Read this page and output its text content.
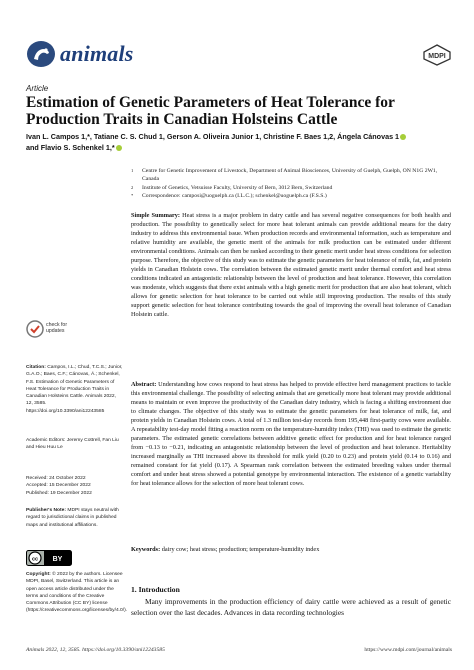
animals	MDPI
Article
Estimation of Genetic Parameters of Heat Tolerance for Production Traits in Canadian Holsteins Cattle
Ivan L. Campos 1,*, Tatiane C. S. Chud 1, Gerson A. Oliveira Junior 1, Christine F. Baes 1,2, Ángela Cánovas 1
and Flavio S. Schenkel 1,*
1	Centre for Genetic Improvement of Livestock, Department of Animal Biosciences, University of Guelph, Guelph, ON N1G 2W1, Canada
2	Institute of Genetics, Vetsuisse Faculty, University of Bern, 3012 Bern, Switzerland
*	Correspondence: camposi@uoguelph.ca (I.L.C.); schenkel@uoguelph.ca (F.S.S.)
Simple Summary: Heat stress is a major problem in dairy cattle and has several negative consequences for both health and production. The possibility to genetically select for more heat tolerant animals can provide additional means for the dairy industry to address this environmental issue. When production records and environmental information, such as temperature and relative humidity are available, the genetic merit of the animals for milk production can be estimated under different environmental conditions. Animals can then be ranked according to their genetic merit under heat stress conditions for selection purpose. Therefore, the objective of this study was to estimate the genetic parameters for heat tolerance of milk, fat, and protein yields in Canadian Holstein cows. The correlation between the estimated genetic merit under thermal comfort and heat stress conditions indicated an antagonistic relationship between the level of production and heat tolerance. However, this correlation was moderate, which suggests that there exist animals with a high genetic merit for production that are also heat tolerant, which allows for genetic selection for heat tolerance to be carried out while still improving production. The results of this study support genetic selection for heat tolerance contributing towards the goal of improving the overall heat tolerance of Canadian Holstein cattle.
Abstract: Understanding how cows respond to heat stress has helped to provide effective herd management practices to tackle this environmental challenge. The possibility of selecting animals that are genetically more heat tolerant may provide additional means to maintain or even improve the productivity of the Canadian dairy industry, which is facing a shifting environment due to climate changes. The objective of this study was to estimate the genetic parameters for heat tolerance of milk, fat, and protein yields in Canadian Holstein cows. A total of 1.3 million test-day records from 195,448 first-parity cows were available. A repeatability test-day model fitting a reaction norm on the temperature-humidity index (THI) was used to estimate the genetic parameters. The estimated genetic correlations between additive genetic effect for production and for heat tolerance ranged from −0.13 to −0.21, indicating an antagonistic relationship between the level of production and heat tolerance. Heritability increased marginally as THI increased above its threshold for milk yield (0.20 to 0.23) and protein yield (0.14 to 0.16) and remained constant for fat yield (0.17). A Spearman rank correlation between the estimated breeding values under thermal comfort and under heat stress showed a potential genotype by environmental interaction. The existence of a genetic variability for heat tolerance allows for the selection of more heat tolerant cows.
Keywords: dairy cow; heat stress; production; temperature-humidity index
1. Introduction
Many improvements in the production efficiency of dairy cattle were achieved as a result of genetic selection over the last decades. Advances in data recording technologies
check for updates
Citation: Campos, I.L.; Chud, T.C.S.; Junior, G.A.O.; Baes, C.F.; Cánovas, Á.; Schenkel, F.S. Estimation of Genetic Parameters of Heat Tolerance for Production Traits in Canadian Holsteins Cattle. Animals 2022, 12, 3585. https://doi.org/10.3390/ani12243585
Academic Editors: Jeremy Cottrell, Fan Liu and Hieu Huu Le
Received: 24 October 2022
Accepted: 15 December 2022
Published: 19 December 2022
Publisher's Note: MDPI stays neutral with regard to jurisdictional claims in published maps and institutional affiliations.
cc BY
Copyright: © 2022 by the authors. Licensee MDPI, Basel, Switzerland. This article is an open access article distributed under the terms and conditions of the Creative Commons Attribution (CC BY) license (https://creativecommons.org/licenses/by/4.0/).
Animals 2022, 12, 3585. https://doi.org/10.3390/ani12243585	https://www.mdpi.com/journal/animals
